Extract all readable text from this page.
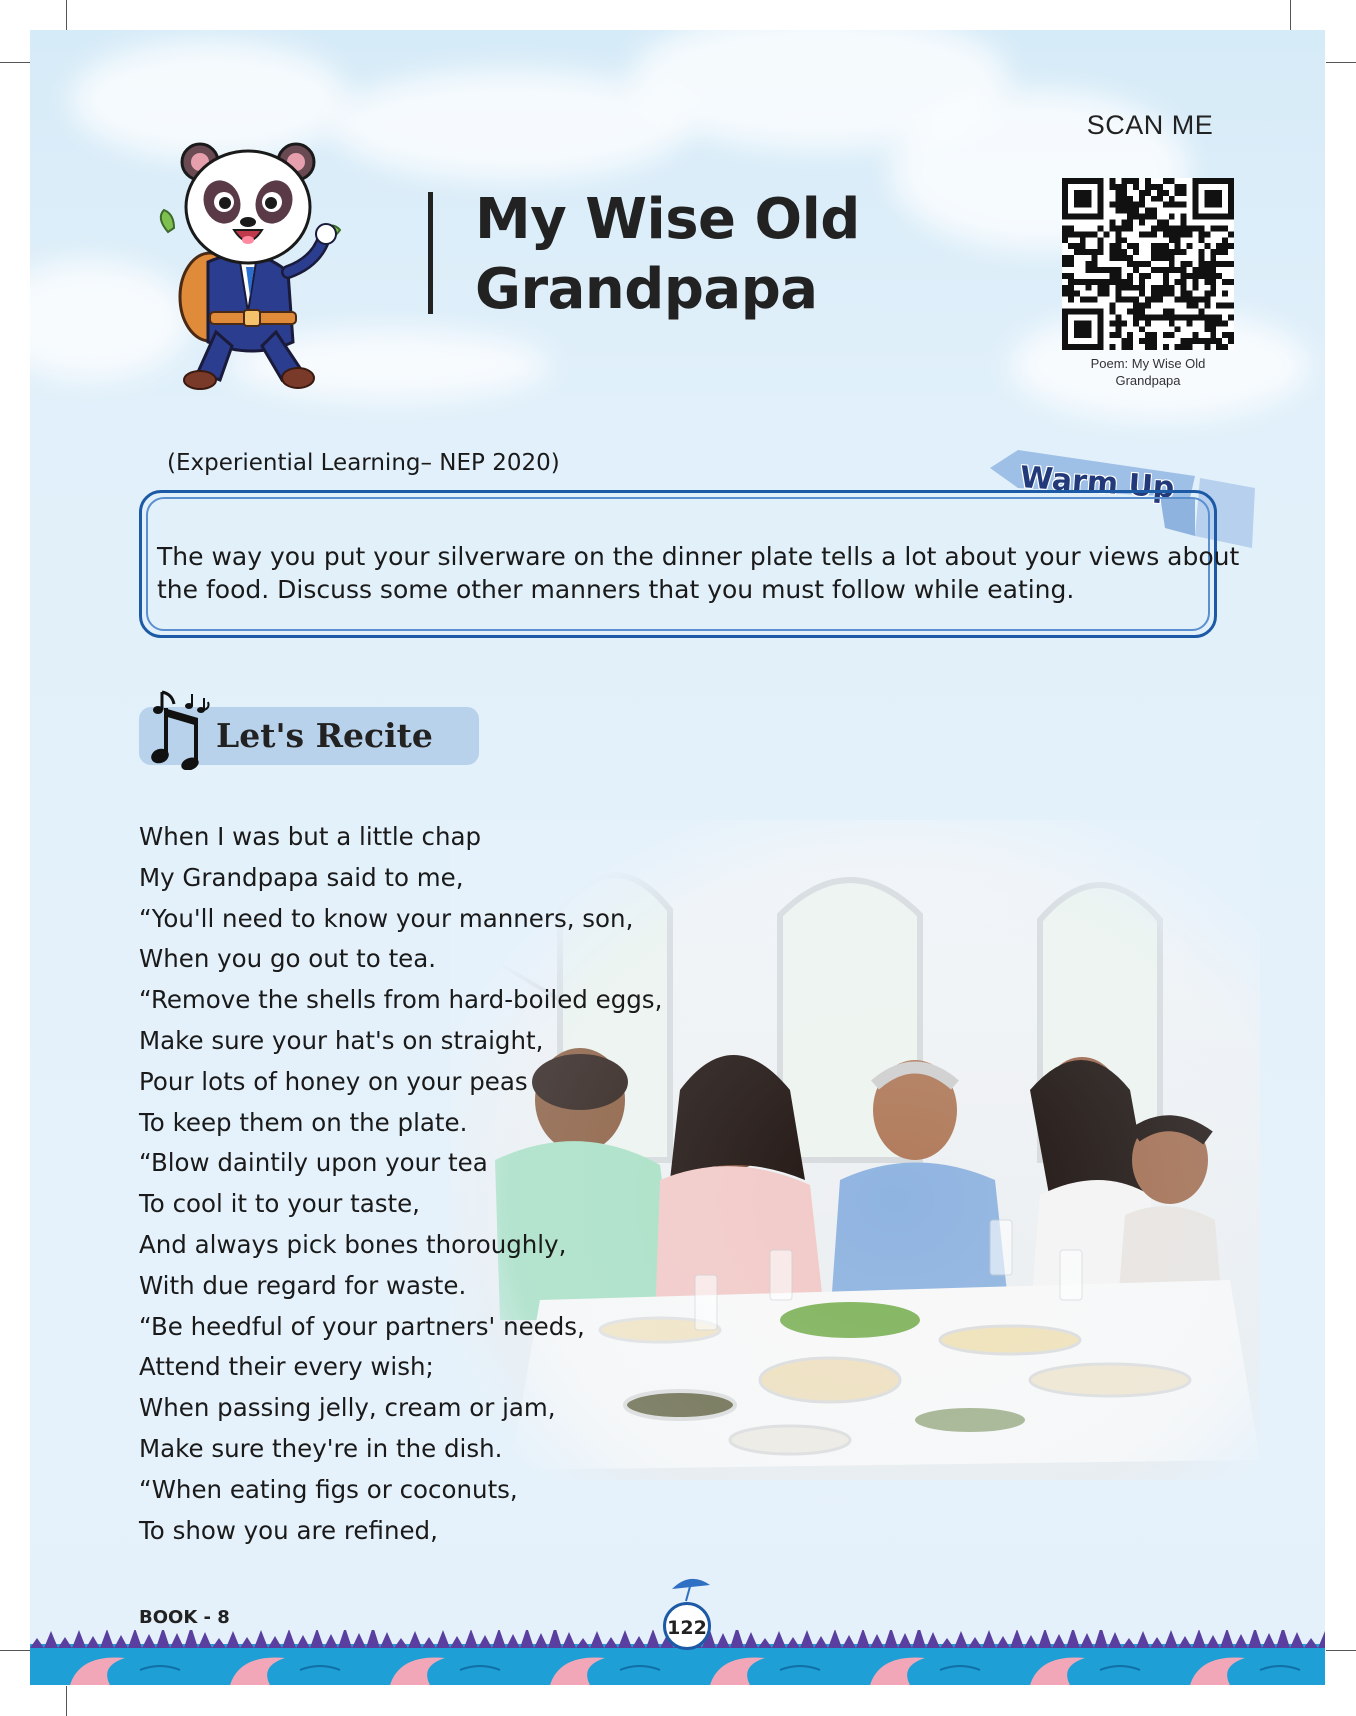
My Wise Old
Grandpapa
SCAN ME
Poem: My Wise Old
Grandpapa
(Experiential Learning– NEP 2020)	Warm Up

The way you put your silverware on the dinner plate tells a lot about your views about the food. Discuss some other manners that you must follow while eating.

Let's Recite
When I was but a little chap
My Grandpapa said to me,
“You'll need to know your manners, son,
When you go out to tea.
“Remove the shells from hard-boiled eggs,
Make sure your hat's on straight,
Pour lots of honey on your peas
To keep them on the plate.
“Blow daintily upon your tea
To cool it to your taste,
And always pick bones thoroughly,
With due regard for waste.
“Be heedful of your partners' needs,
Attend their every wish;
When passing jelly, cream or jam,
Make sure they're in the dish.
“When eating figs or coconuts,
To show you are refined,
BOOK - 8	122
